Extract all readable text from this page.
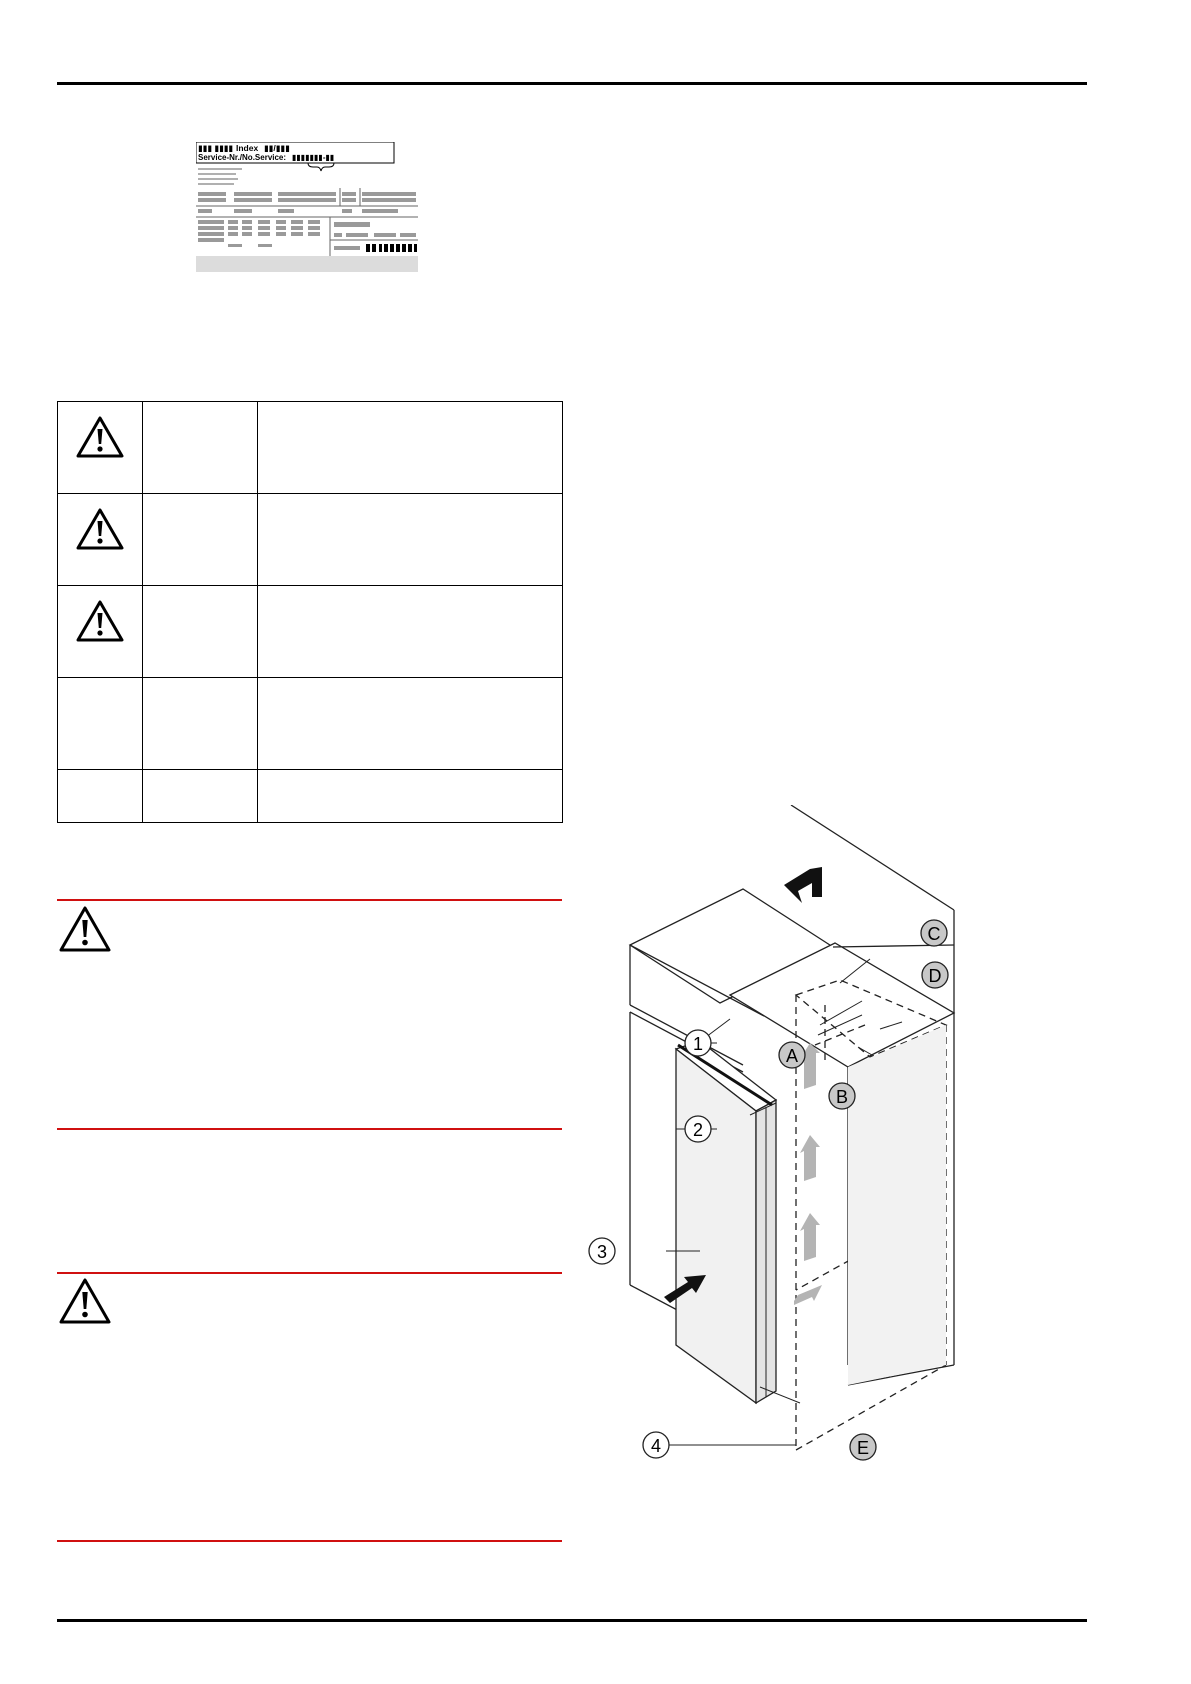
▮▮▮ ▮▮▮▮ Index ▮▮/▮▮▮
Service-Nr./No.Service: ▮▮▮▮▮▮▮-▮▮

1
2
3
4
A
B
C
D
E
